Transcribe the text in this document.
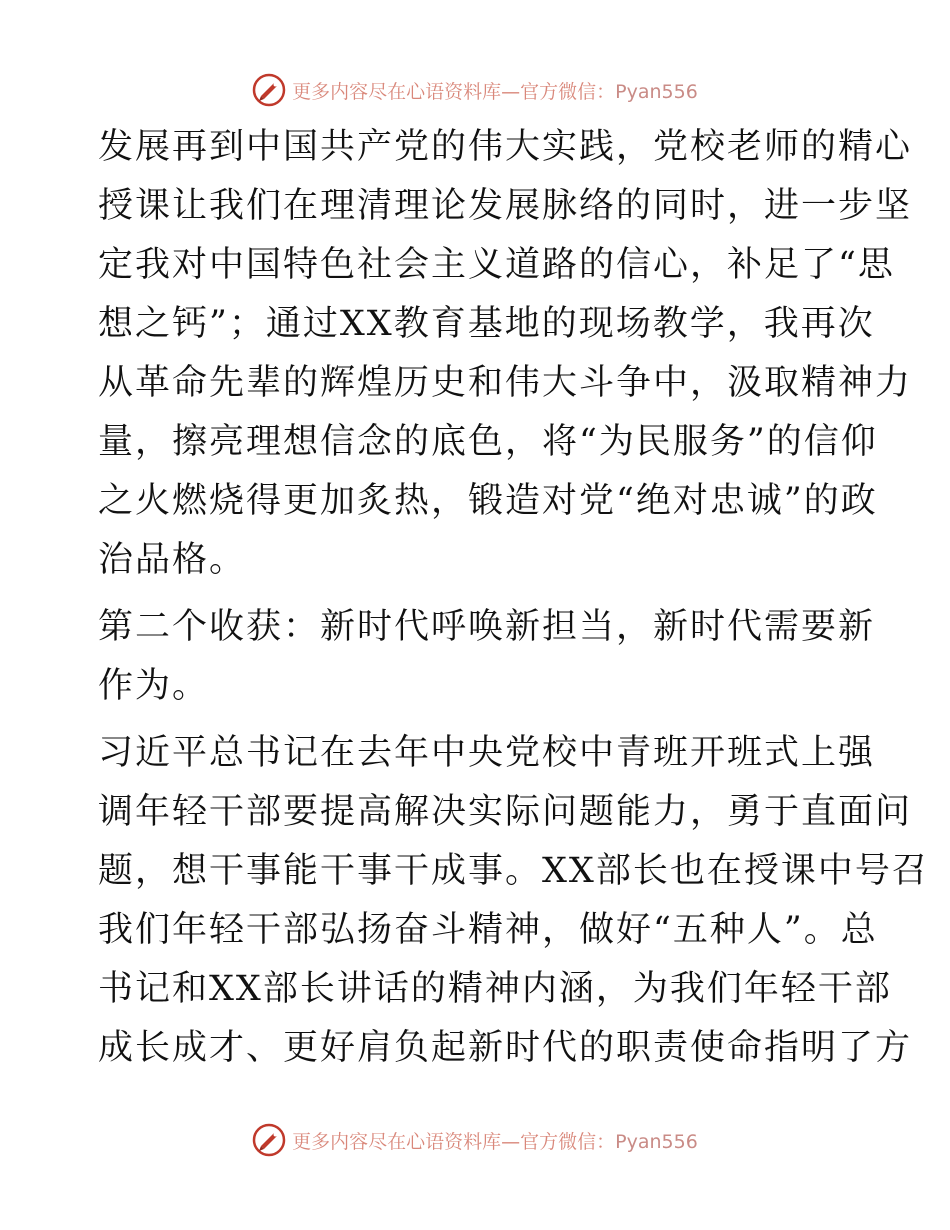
更多内容尽在心语资料库—官方微信：Pyan556

发展再到中国共产党的伟大实践，党校老师的精心
授课让我们在理清理论发展脉络的同时，进一步坚
定我对中国特色社会主义道路的信心，补足了“思
想之钙”；通过XX教育基地的现场教学，我再次
从革命先辈的辉煌历史和伟大斗争中，汲取精神力
量，擦亮理想信念的底色，将“为民服务”的信仰
之火燃烧得更加炙热，锻造对党“绝对忠诚”的政
治品格。

第二个收获：新时代呼唤新担当，新时代需要新
作为。

习近平总书记在去年中央党校中青班开班式上强
调年轻干部要提高解决实际问题能力，勇于直面问
题，想干事能干事干成事。XX部长也在授课中号召
我们年轻干部弘扬奋斗精神，做好“五种人”。总
书记和XX部长讲话的精神内涵，为我们年轻干部
成长成才、更好肩负起新时代的职责使命指明了方

更多内容尽在心语资料库—官方微信：Pyan556
